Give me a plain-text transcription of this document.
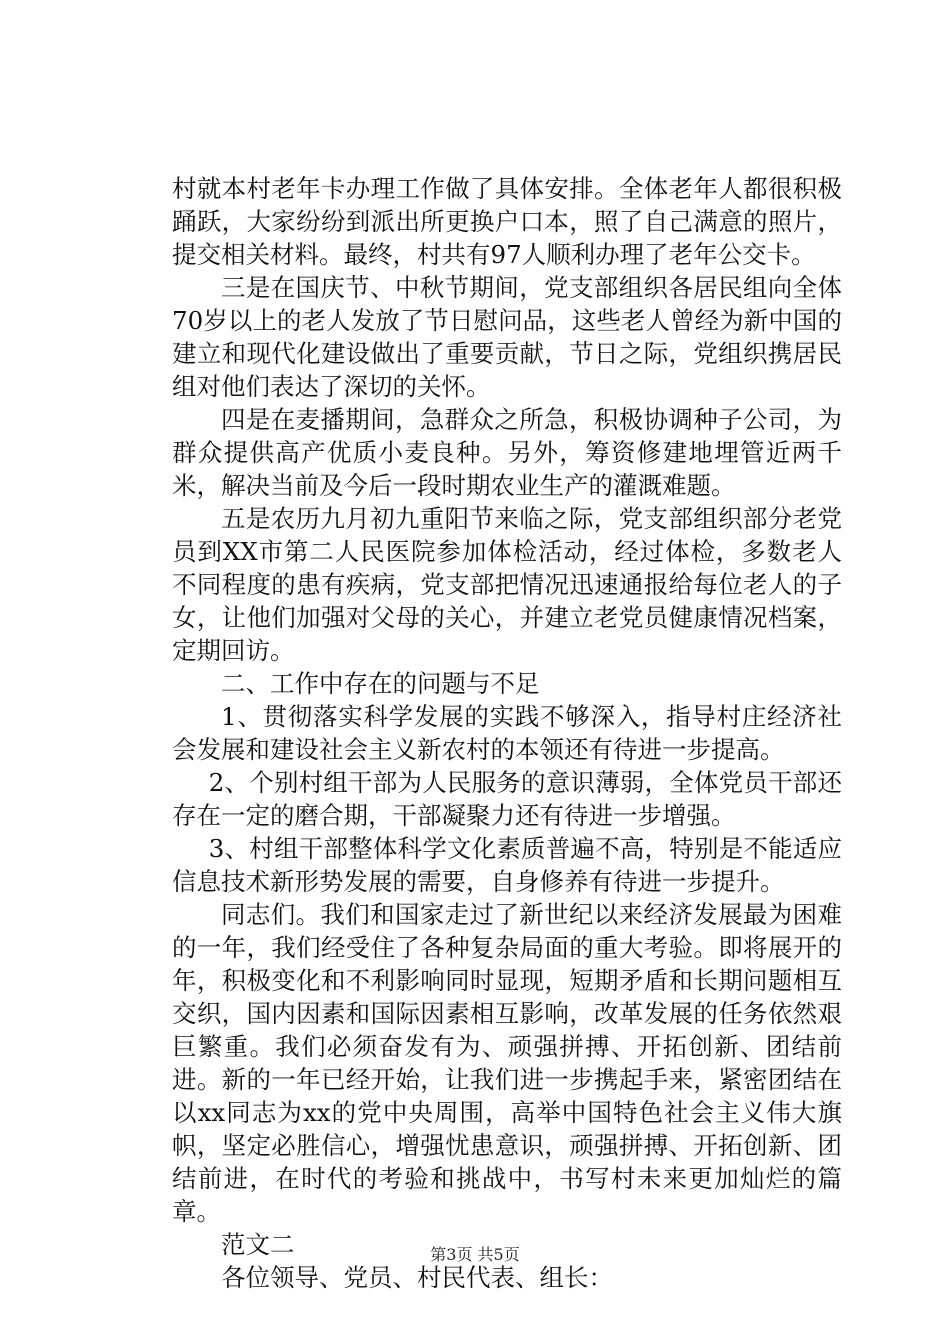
村就本村老年卡办理工作做了具体安排。全体老年人都很积极踊跃，大家纷纷到派出所更换户口本，照了自己满意的照片，提交相关材料。最终，村共有97人顺利办理了老年公交卡。

三是在国庆节、中秋节期间，党支部组织各居民组向全体70岁以上的老人发放了节日慰问品，这些老人曾经为新中国的建立和现代化建设做出了重要贡献，节日之际，党组织携居民组对他们表达了深切的关怀。

四是在麦播期间，急群众之所急，积极协调种子公司，为群众提供高产优质小麦良种。另外，筹资修建地埋管近两千米，解决当前及今后一段时期农业生产的灌溉难题。

五是农历九月初九重阳节来临之际，党支部组织部分老党员到XX市第二人民医院参加体检活动，经过体检，多数老人不同程度的患有疾病，党支部把情况迅速通报给每位老人的子女，让他们加强对父母的关心，并建立老党员健康情况档案，定期回访。

二、工作中存在的问题与不足

1、贯彻落实科学发展的实践不够深入，指导村庄经济社会发展和建设社会主义新农村的本领还有待进一步提高。

2、个别村组干部为人民服务的意识薄弱，全体党员干部还存在一定的磨合期，干部凝聚力还有待进一步增强。

3、村组干部整体科学文化素质普遍不高，特别是不能适应信息技术新形势发展的需要，自身修养有待进一步提升。

同志们。我们和国家走过了新世纪以来经济发展最为困难的一年，我们经受住了各种复杂局面的重大考验。即将展开的年，积极变化和不利影响同时显现，短期矛盾和长期问题相互交织，国内因素和国际因素相互影响，改革发展的任务依然艰巨繁重。我们必须奋发有为、顽强拼搏、开拓创新、团结前进。新的一年已经开始，让我们进一步携起手来，紧密团结在以xx同志为xx的党中央周围，高举中国特色社会主义伟大旗帜，坚定必胜信心，增强忧患意识，顽强拼搏、开拓创新、团结前进，在时代的考验和挑战中，书写村未来更加灿烂的篇章。

范文二

各位领导、党员、村民代表、组长：

第3页 共5页
